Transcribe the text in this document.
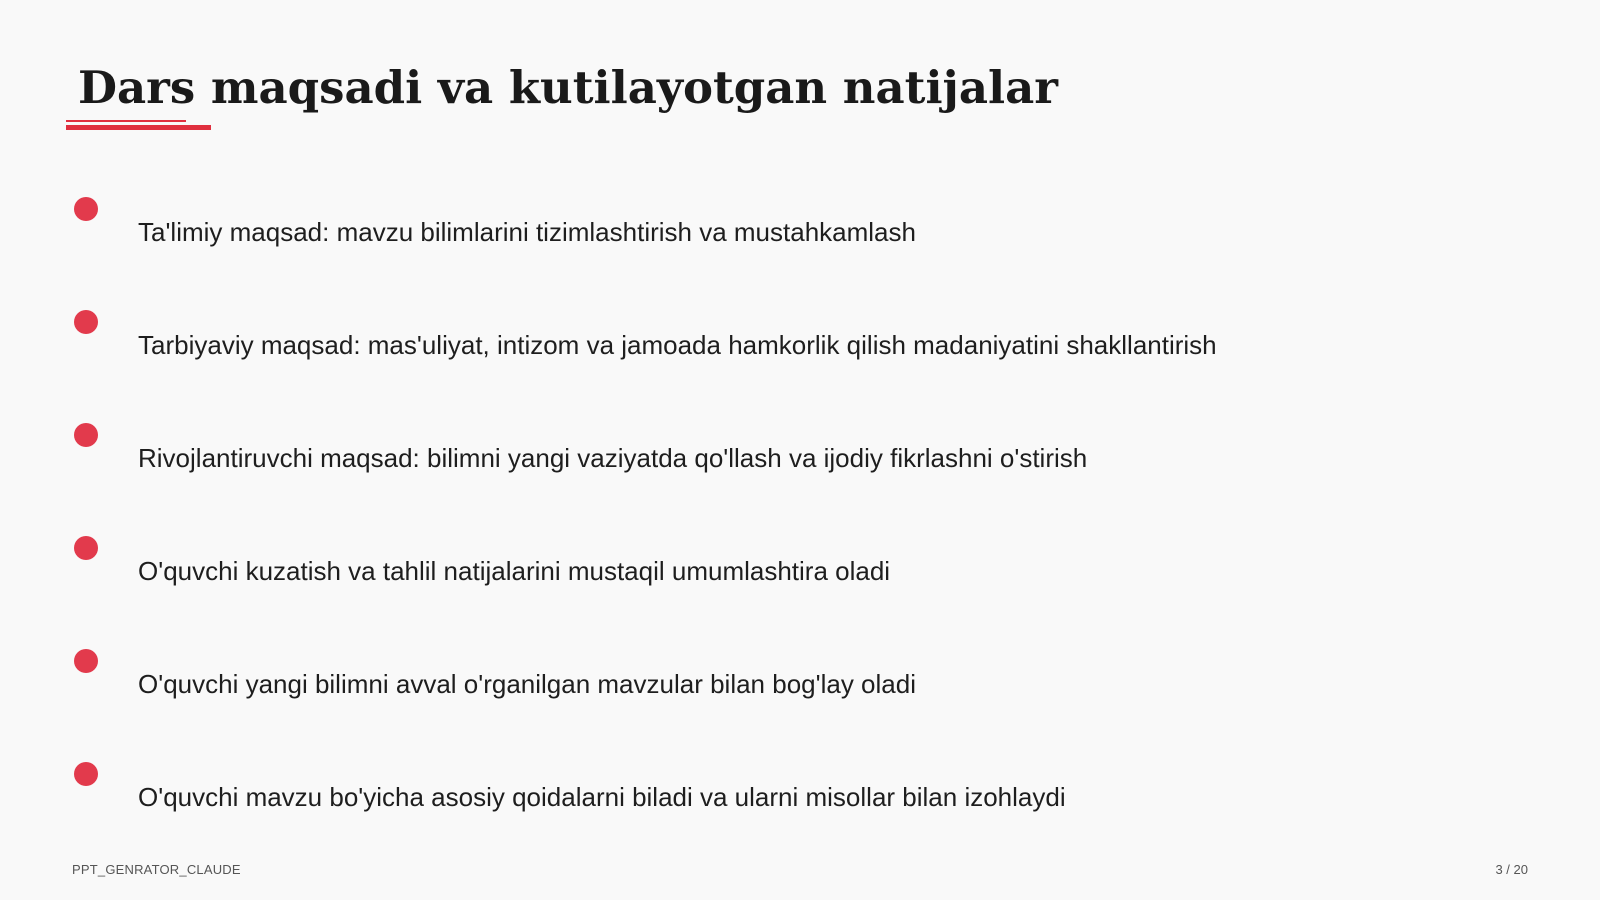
Dars maqsadi va kutilayotgan natijalar
Ta'limiy maqsad: mavzu bilimlarini tizimlashtirish va mustahkamlash
Tarbiyaviy maqsad: mas'uliyat, intizom va jamoada hamkorlik qilish madaniyatini shakllantirish
Rivojlantiruvchi maqsad: bilimni yangi vaziyatda qo'llash va ijodiy fikrlashni o'stirish
O'quvchi kuzatish va tahlil natijalarini mustaqil umumlashtira oladi
O'quvchi yangi bilimni avval o'rganilgan mavzular bilan bog'lay oladi
O'quvchi mavzu bo'yicha asosiy qoidalarni biladi va ularni misollar bilan izohlaydi
PPT_GENRATOR_CLAUDE	3 / 20
